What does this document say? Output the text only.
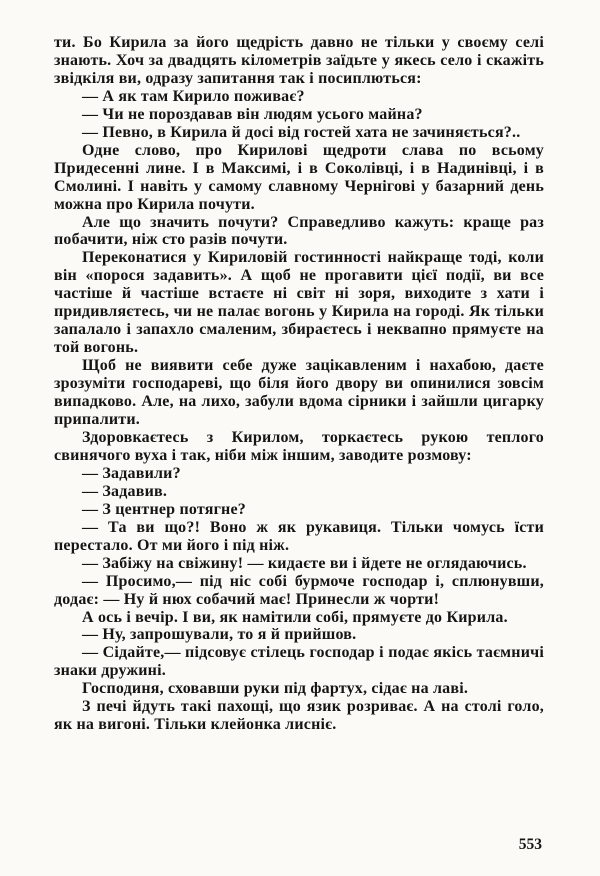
ти. Бо Кирила за його щедрість давно не тільки у своєму селі знають. Хоч за двадцять кілометрів заїдьте у якесь село і скажіть звідкіля ви, одразу запитання так і посиплються:

— А як там Кирило поживає?

— Чи не пороздавав він людям усього майна?

— Певно, в Кирила й досі від гостей хата не зачиняється?..

Одне слово, про Кирилові щедроти слава по всьому Придесенні лине. І в Максимі, і в Соколівці, і в Надинівці, і в Смолині. І навіть у самому славному Чернігові у базарний день можна про Кирила почути.

Але що значить почути? Справедливо кажуть: краще раз побачити, ніж сто разів почути.

Переконатися у Кириловій гостинності найкраще тоді, коли він «порося задавить». А щоб не прогавити цієї події, ви все частіше й частіше встаєте ні світ ні зоря, виходите з хати і придивляєтесь, чи не палає вогонь у Кирила на городі. Як тільки запалало і запахло смаленим, збираєтесь і неквапно прямуєте на той вогонь.

Щоб не виявити себе дуже зацікавленим і нахабою, даєте зрозуміти господареві, що біля його двору ви опинилися зовсім випадково. Але, на лихо, забули вдома сірники і зайшли цигарку припалити.

Здоровкаєтесь з Кирилом, торкаєтесь рукою теплого свинячого вуха і так, ніби між іншим, заводите розмову:

— Задавили?

— Задавив.

— З центнер потягне?

— Та ви що?! Воно ж як рукавиця. Тільки чомусь їсти перестало. От ми його і під ніж.

— Забіжу на свіжину! — кидаєте ви і йдете не оглядаючись.

— Просимо,— під ніс собі бурмоче господар і, сплюнувши, додає: — Ну й нюх собачий має! Принесли ж чорти!

А ось і вечір. І ви, як намітили собі, прямуєте до Кирила.

— Ну, запрошували, то я й прийшов.

— Сідайте,— підсовує стілець господар і подає якісь таємничі знаки дружині.

Господиня, сховавши руки під фартух, сідає на лаві.

З печі йдуть такі пахощі, що язик розриває. А на столі голо, як на вигоні. Тільки клейонка лисніє.

553
